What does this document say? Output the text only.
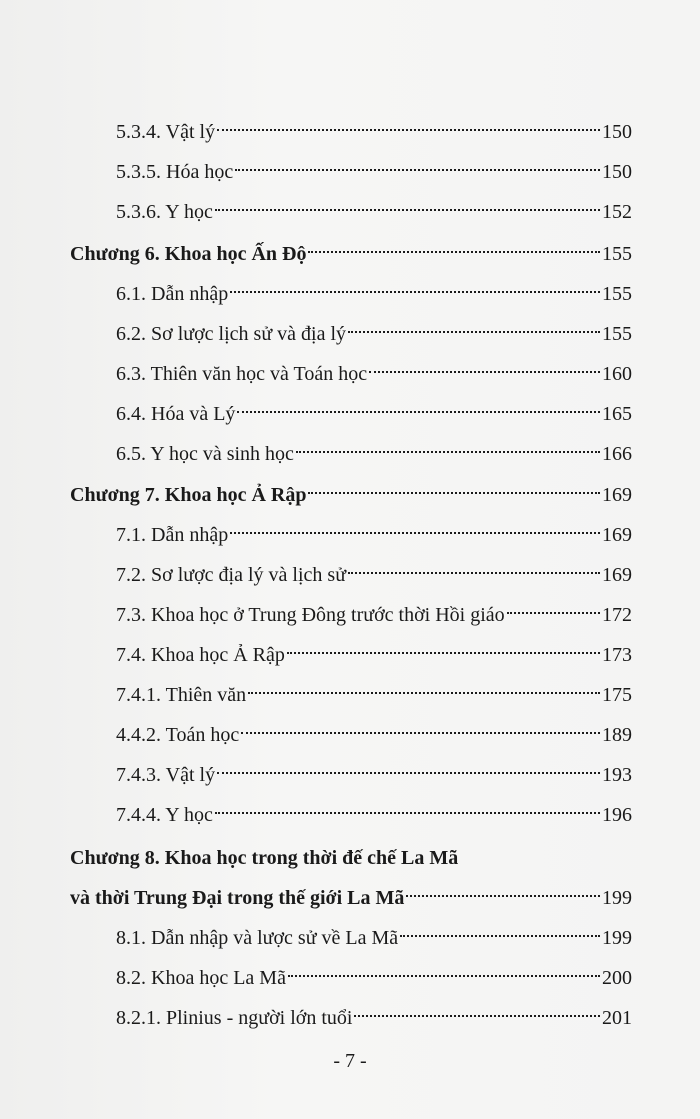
5.3.4. Vật lý	150
5.3.5. Hóa học	150
5.3.6. Y học	152
Chương 6. Khoa học Ấn Độ	155
6.1. Dẫn nhập	155
6.2. Sơ lược lịch sử và địa lý	155
6.3. Thiên văn học và Toán học	160
6.4. Hóa và Lý	165
6.5. Y học và sinh học	166
Chương 7. Khoa học Ả Rập	169
7.1. Dẫn nhập	169
7.2. Sơ lược địa lý và lịch sử	169
7.3. Khoa học ở Trung Đông trước thời Hồi giáo	172
7.4. Khoa học Ả Rập	173
7.4.1. Thiên văn	175
4.4.2. Toán học	189
7.4.3. Vật lý	193
7.4.4. Y học	196
Chương 8. Khoa học trong thời đế chế La Mã
và thời Trung Đại trong thế giới La Mã	199
8.1. Dẫn nhập và lược sử về La Mã	199
8.2. Khoa học La Mã	200
8.2.1. Plinius - người lớn tuổi	201
- 7 -
